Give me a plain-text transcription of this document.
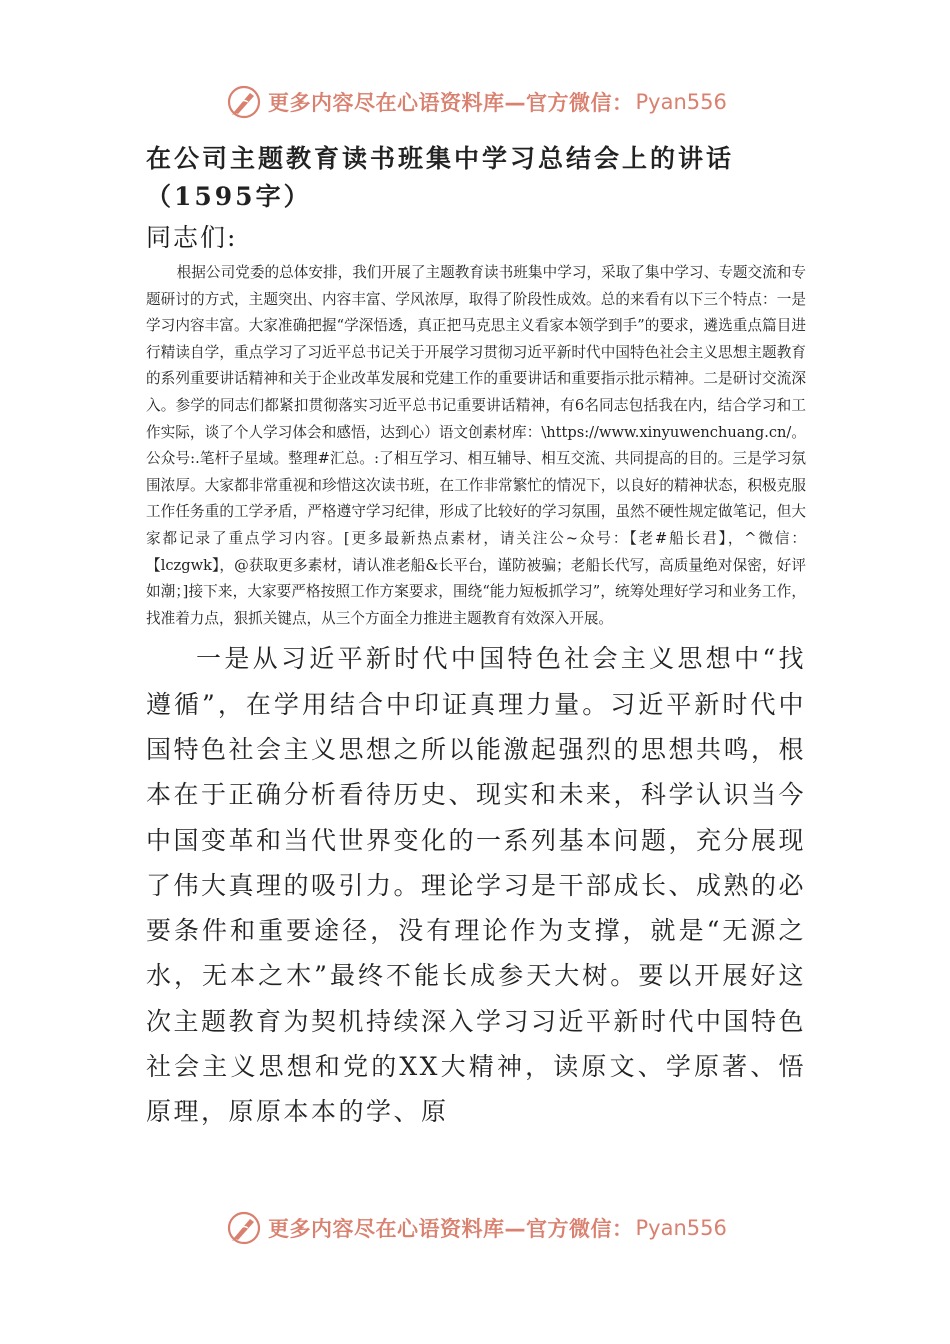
更多内容尽在心语资料库—官方微信： Pyan556
在公司主题教育读书班集中学习总结会上的讲话（1595字）

同志们:

根据公司党委的总体安排，我们开展了主题教育读书班集中学习，采取了集中学习、专题交流和专题研讨的方式，主题突出、内容丰富、学风浓厚，取得了阶段性成效。总的来看有以下三个特点：一是学习内容丰富。大家准确把握“学深悟透，真正把马克思主义看家本领学到手”的要求，遴选重点篇目进行精读自学，重点学习了习近平总书记关于开展学习贯彻习近平新时代中国特色社会主义思想主题教育的系列重要讲话精神和关于企业改革发展和党建工作的重要讲话和重要指示批示精神。二是研讨交流深入。参学的同志们都紧扣贯彻落实习近平总书记重要讲话精神，有6名同志包括我在内，结合学习和工作实际，谈了个人学习体会和感悟，达到心）语文创素材库：\https://www.xinyuwenchuang.cn/。公众号:.笔杆子星域。整理#汇总。:了相互学习、相互辅导、相互交流、共同提高的目的。三是学习氛围浓厚。大家都非常重视和珍惜这次读书班，在工作非常繁忙的情况下，以良好的精神状态，积极克服工作任务重的工学矛盾，严格遵守学习纪律，形成了比较好的学习氛围，虽然不硬性规定做笔记，但大家都记录了重点学习内容。[更多最新热点素材，请关注公~众号：【老#船长君】，^微信：【lczgwk】，@获取更多素材，请认准老船&长平台，谨防被骗；老船长代写，高质量绝对保密，好评如潮；]接下来，大家要严格按照工作方案要求，围绕“能力短板抓学习”，统筹处理好学习和业务工作，找准着力点，狠抓关键点，从三个方面全力推进主题教育有效深入开展。

一是从习近平新时代中国特色社会主义思想中“找遵循”，在学用结合中印证真理力量。习近平新时代中国特色社会主义思想之所以能激起强烈的思想共鸣，根本在于正确分析看待历史、现实和未来，科学认识当今中国变革和当代世界变化的一系列基本问题，充分展现了伟大真理的吸引力。理论学习是干部成长、成熟的必要条件和重要途径，没有理论作为支撑，就是“无源之水，无本之木”最终不能长成参天大树。要以开展好这次主题教育为契机持续深入学习习近平新时代中国特色社会主义思想和党的XX大精神，读原文、学原著、悟原理，原原本本的学、原

更多内容尽在心语资料库—官方微信： Pyan556
